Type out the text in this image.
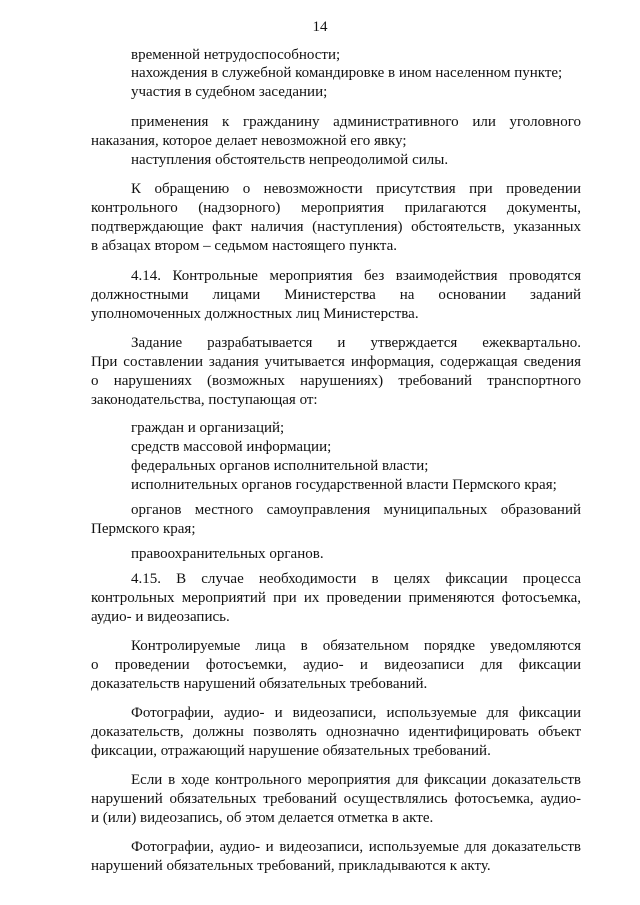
14
временной нетрудоспособности;
нахождения в служебной командировке в ином населенном пункте;
участия в судебном заседании;
применения к гражданину административного или уголовного
наказания, которое делает невозможной его явку;
наступления обстоятельств непреодолимой силы.
К обращению о невозможности присутствия при проведении
контрольного (надзорного) мероприятия прилагаются документы,
подтверждающие факт наличия (наступления) обстоятельств, указанных
в абзацах втором – седьмом настоящего пункта.
4.14. Контрольные мероприятия без взаимодействия проводятся
должностными лицами Министерства на основании заданий
уполномоченных должностных лиц Министерства.
Задание разрабатывается и утверждается ежеквартально.
При составлении задания учитывается информация, содержащая сведения
о нарушениях (возможных нарушениях) требований транспортного
законодательства, поступающая от:
граждан и организаций;
средств массовой информации;
федеральных органов исполнительной власти;
исполнительных органов государственной власти Пермского края;
органов местного самоуправления муниципальных образований
Пермского края;
правоохранительных органов.
4.15. В случае необходимости в целях фиксации процесса
контрольных мероприятий при их проведении применяются фотосъемка,
аудио- и видеозапись.
Контролируемые лица в обязательном порядке уведомляются
о проведении фотосъемки, аудио- и видеозаписи для фиксации
доказательств нарушений обязательных требований.
Фотографии, аудио- и видеозаписи, используемые для фиксации
доказательств, должны позволять однозначно идентифицировать объект
фиксации, отражающий нарушение обязательных требований.
Если в ходе контрольного мероприятия для фиксации доказательств
нарушений обязательных требований осуществлялись фотосъемка, аудио-
и (или) видеозапись, об этом делается отметка в акте.
Фотографии, аудио- и видеозаписи, используемые для доказательств
нарушений обязательных требований, прикладываются к акту.
